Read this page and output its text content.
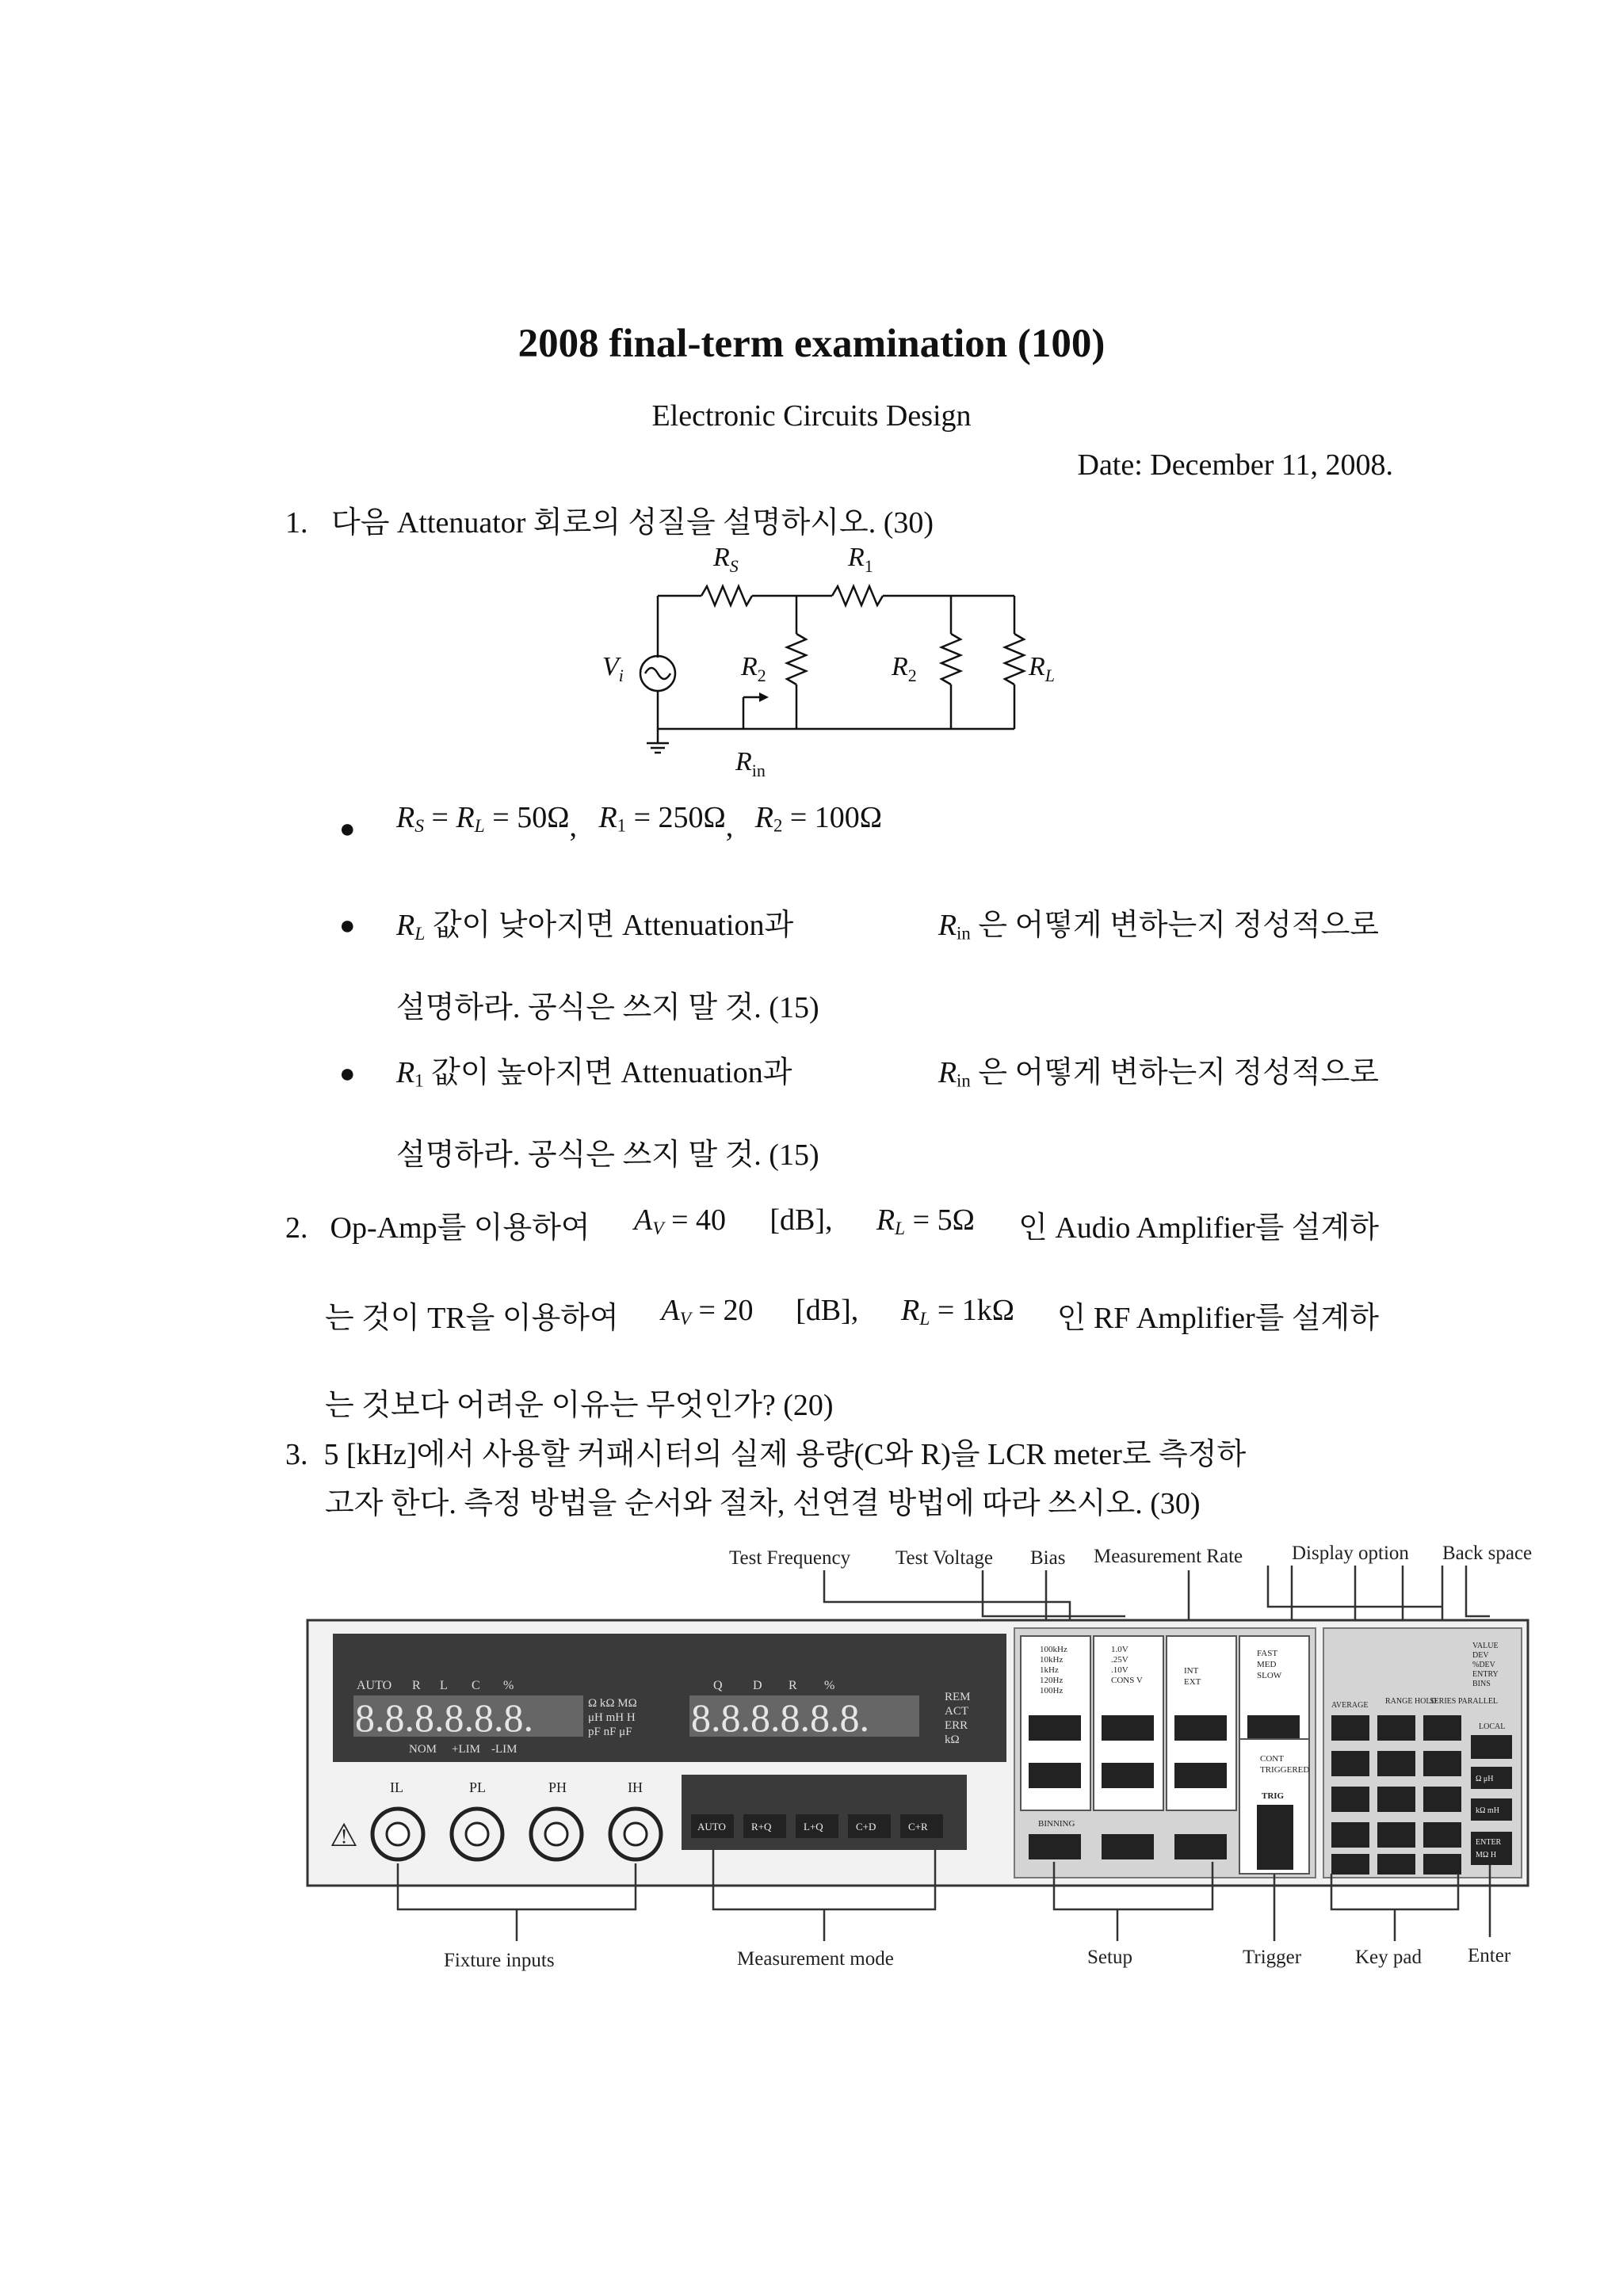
2008 final-term examination (100)
Electronic Circuits Design
Date: December 11, 2008.
1. 다음 Attenuator 회로의 성질을 설명하시오. (30)
$R_S$	$R_1$
$V_i$	$R_2$	$R_2$	$R_L$
$R_{in}$
● $R_S = R_L = 50\Omega$, R1 = 250Ω, R2 = 100Ω
● $R_L$ 값이 낮아지면 Attenuation과	Rin 은 어떻게 변하는지 정성적으로
설명하라. 공식은 쓰지 말 것. (15)
● R1 값이 높아지면 Attenuation과	Rin 은 어떻게 변하는지 정성적으로
설명하라. 공식은 쓰지 말 것. (15)
2. Op-Amp를 이용하여 $A_V = 40$ [dB], $R_L = 5\Omega$ 인 Audio Amplifier를 설계하
는 것이 TR을 이용하여 $A_V = 20$ [dB], $R_L = 1k\Omega$ 인 RF Amplifier를 설계하
는 것보다 어려운 이유는 무엇인가? (20)
3. 5 [kHz]에서 사용할 커패시터의 실제 용량(C와 R)을 LCR meter로 측정하
고자 한다. 측정 방법을 순서와 절차, 선연결 방법에 따라 쓰시오. (30)
Test Frequency Test Voltage Bias Measurement Rate Display option Back space
AUTO R L C %	Q D R %
8.8.8.8.8.8.	8.8.8.8.8.8.
Ω kΩ MΩ
μH mH H
pF nF μF
REM
ACT
ERR
kΩ
NOM +LIM -LIM
⚠
IL	PL	PH	IH
AUTO R+Q	L+Q	C+D	C+R
100kHz
10kHz
1kHz
120Hz
100Hz
1.0V
.25V
.10V
CONS V
INT
EXT
FAST
MED
SLOW
BINNING
CONT
TRIGGERED
TRIG
AVERAGE RANGE HOLD
SERIES PARALLEL
VALUE
DEV
%DEV
ENTRY
BINS
LOCAL
Ω μH
kΩ mH
ENTER
MΩ H
Fixture inputs	Measurement mode	Setup	Trigger	Key pad Enter
